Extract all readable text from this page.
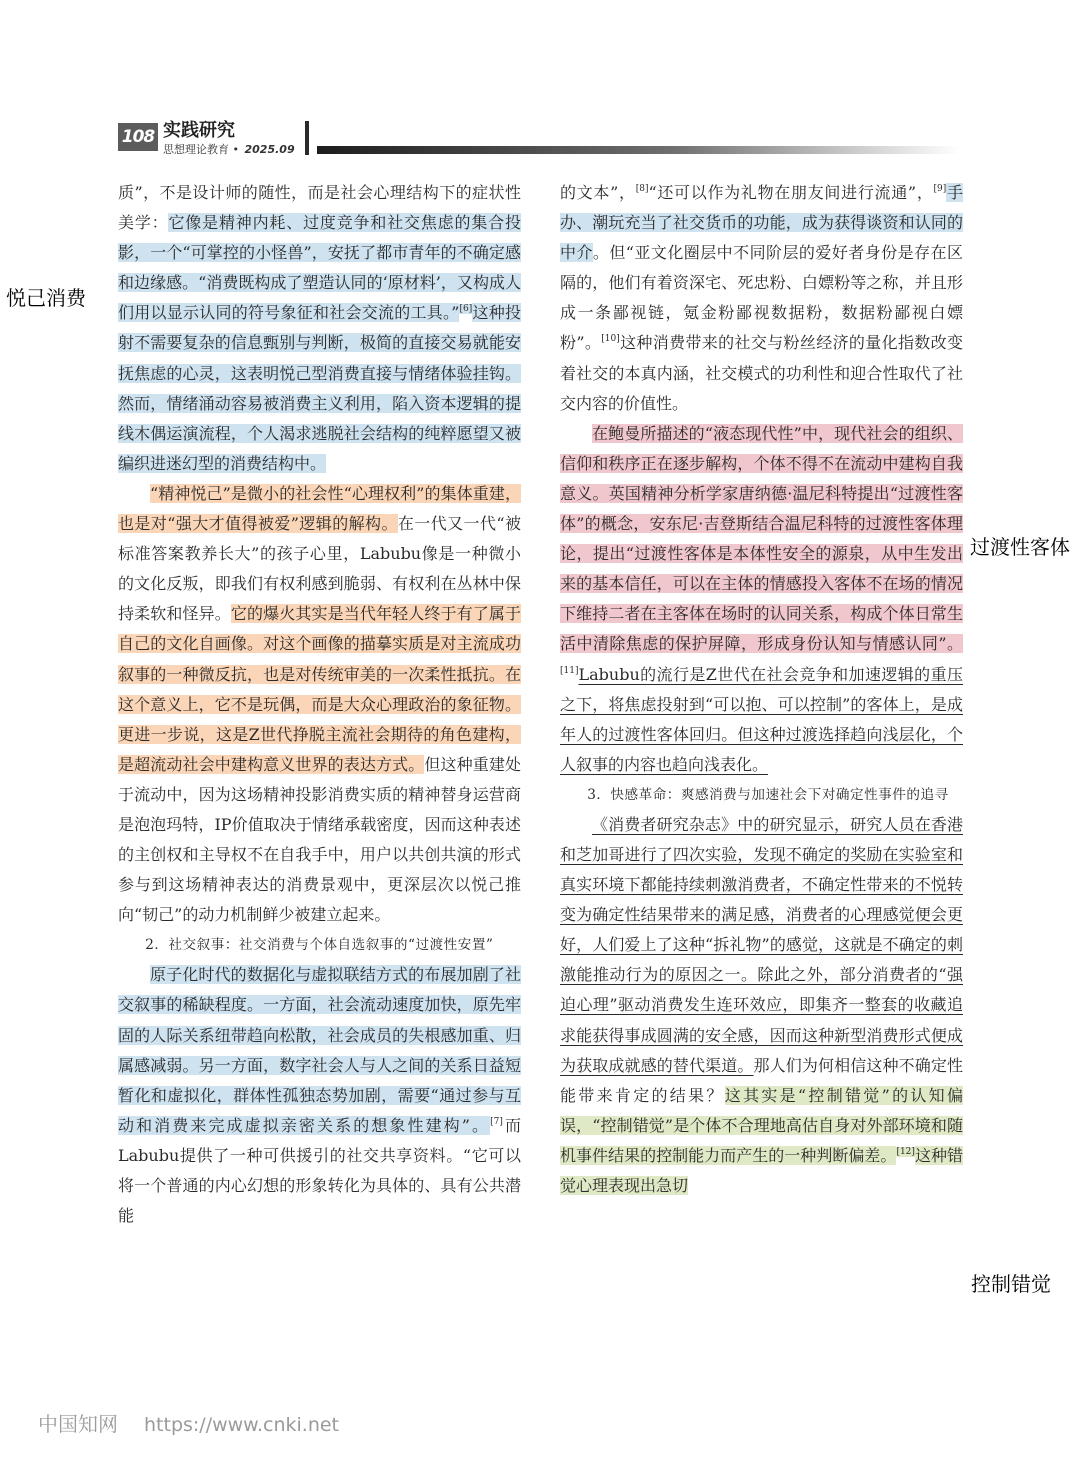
108 实践研究
思想理论教育 • 2025.09
悦己消费
过渡性客体
控制错觉

质”，不是设计师的随性，而是社会心理结构下的症状性美学：它像是精神内耗、过度竞争和社交焦虑的集合投影，一个“可掌控的小怪兽”，安抚了都市青年的不确定感和边缘感。“消费既构成了塑造认同的‘原材料’，又构成人们用以显示认同的符号象征和社会交流的工具。”[6]这种投射不需要复杂的信息甄别与判断，极简的直接交易就能安抚焦虑的心灵，这表明悦己型消费直接与情绪体验挂钩。然而，情绪涌动容易被消费主义利用，陷入资本逻辑的提线木偶运演流程，个人渴求逃脱社会结构的纯粹愿望又被编织进迷幻型的消费结构中。

“精神悦己”是微小的社会性“心理权利”的集体重建，也是对“强大才值得被爱”逻辑的解构。在一代又一代“被标准答案教养长大”的孩子心里，Labubu像是一种微小的文化反叛，即我们有权利感到脆弱、有权利在丛林中保持柔软和怪异。它的爆火其实是当代年轻人终于有了属于自己的文化自画像。对这个画像的描摹实质是对主流成功叙事的一种微反抗，也是对传统审美的一次柔性抵抗。在这个意义上，它不是玩偶，而是大众心理政治的象征物。更进一步说，这是Z世代挣脱主流社会期待的角色建构，是超流动社会中建构意义世界的表达方式。但这种重建处于流动中，因为这场精神投影消费实质的精神替身运营商是泡泡玛特，IP价值取决于情绪承载密度，因而这种表述的主创权和主导权不在自我手中，用户以共创共演的形式参与到这场精神表达的消费景观中，更深层次以悦己推向“韧己”的动力机制鲜少被建立起来。

2．社交叙事：社交消费与个体自选叙事的“过渡性安置”

原子化时代的数据化与虚拟联结方式的布展加剧了社交叙事的稀缺程度。一方面，社会流动速度加快，原先牢固的人际关系纽带趋向松散，社会成员的失根感加重、归属感减弱。另一方面，数字社会人与人之间的关系日益短暂化和虚拟化，群体性孤独态势加剧，需要“通过参与互动和消费来完成虚拟亲密关系的想象性建构”。[7]而Labubu提供了一种可供援引的社交共享资料。“它可以将一个普通的内心幻想的形象转化为具体的、具有公共潜能

的文本”，[8]“还可以作为礼物在朋友间进行流通”，[9]手办、潮玩充当了社交货币的功能，成为获得谈资和认同的中介。但“亚文化圈层中不同阶层的爱好者身份是存在区隔的，他们有着资深宅、死忠粉、白嫖粉等之称，并且形成一条鄙视链，氪金粉鄙视数据粉，数据粉鄙视白嫖粉”。[10]这种消费带来的社交与粉丝经济的量化指数改变着社交的本真内涵，社交模式的功利性和迎合性取代了社交内容的价值性。

在鲍曼所描述的“液态现代性”中，现代社会的组织、信仰和秩序正在逐步解构，个体不得不在流动中建构自我意义。英国精神分析学家唐纳德·温尼科特提出“过渡性客体”的概念，安东尼·吉登斯结合温尼科特的过渡性客体理论，提出“过渡性客体是本体性安全的源泉，从中生发出来的基本信任，可以在主体的情感投入客体不在场的情况下维持二者在主客体在场时的认同关系，构成个体日常生活中清除焦虑的保护屏障，形成身份认知与情感认同”。[11]Labubu的流行是Z世代在社会竞争和加速逻辑的重压之下，将焦虑投射到“可以抱、可以控制”的客体上，是成年人的过渡性客体回归。但这种过渡选择趋向浅层化，个人叙事的内容也趋向浅表化。

3．快感革命：爽感消费与加速社会下对确定性事件的追寻

《消费者研究杂志》中的研究显示，研究人员在香港和芝加哥进行了四次实验，发现不确定的奖励在实验室和真实环境下都能持续刺激消费者，不确定性带来的不悦转变为确定性结果带来的满足感，消费者的心理感觉便会更好，人们爱上了这种“拆礼物”的感觉，这就是不确定的刺激能推动行为的原因之一。除此之外，部分消费者的“强迫心理”驱动消费发生连环效应，即集齐一整套的收藏追求能获得事成圆满的安全感，因而这种新型消费形式便成为获取成就感的替代渠道。那人们为何相信这种不确定性能带来肯定的结果？这其实是“控制错觉”的认知偏误，“控制错觉”是个体不合理地高估自身对外部环境和随机事件结果的控制能力而产生的一种判断偏差。[12]这种错觉心理表现出急切

中国知网 https://www.cnki.net
